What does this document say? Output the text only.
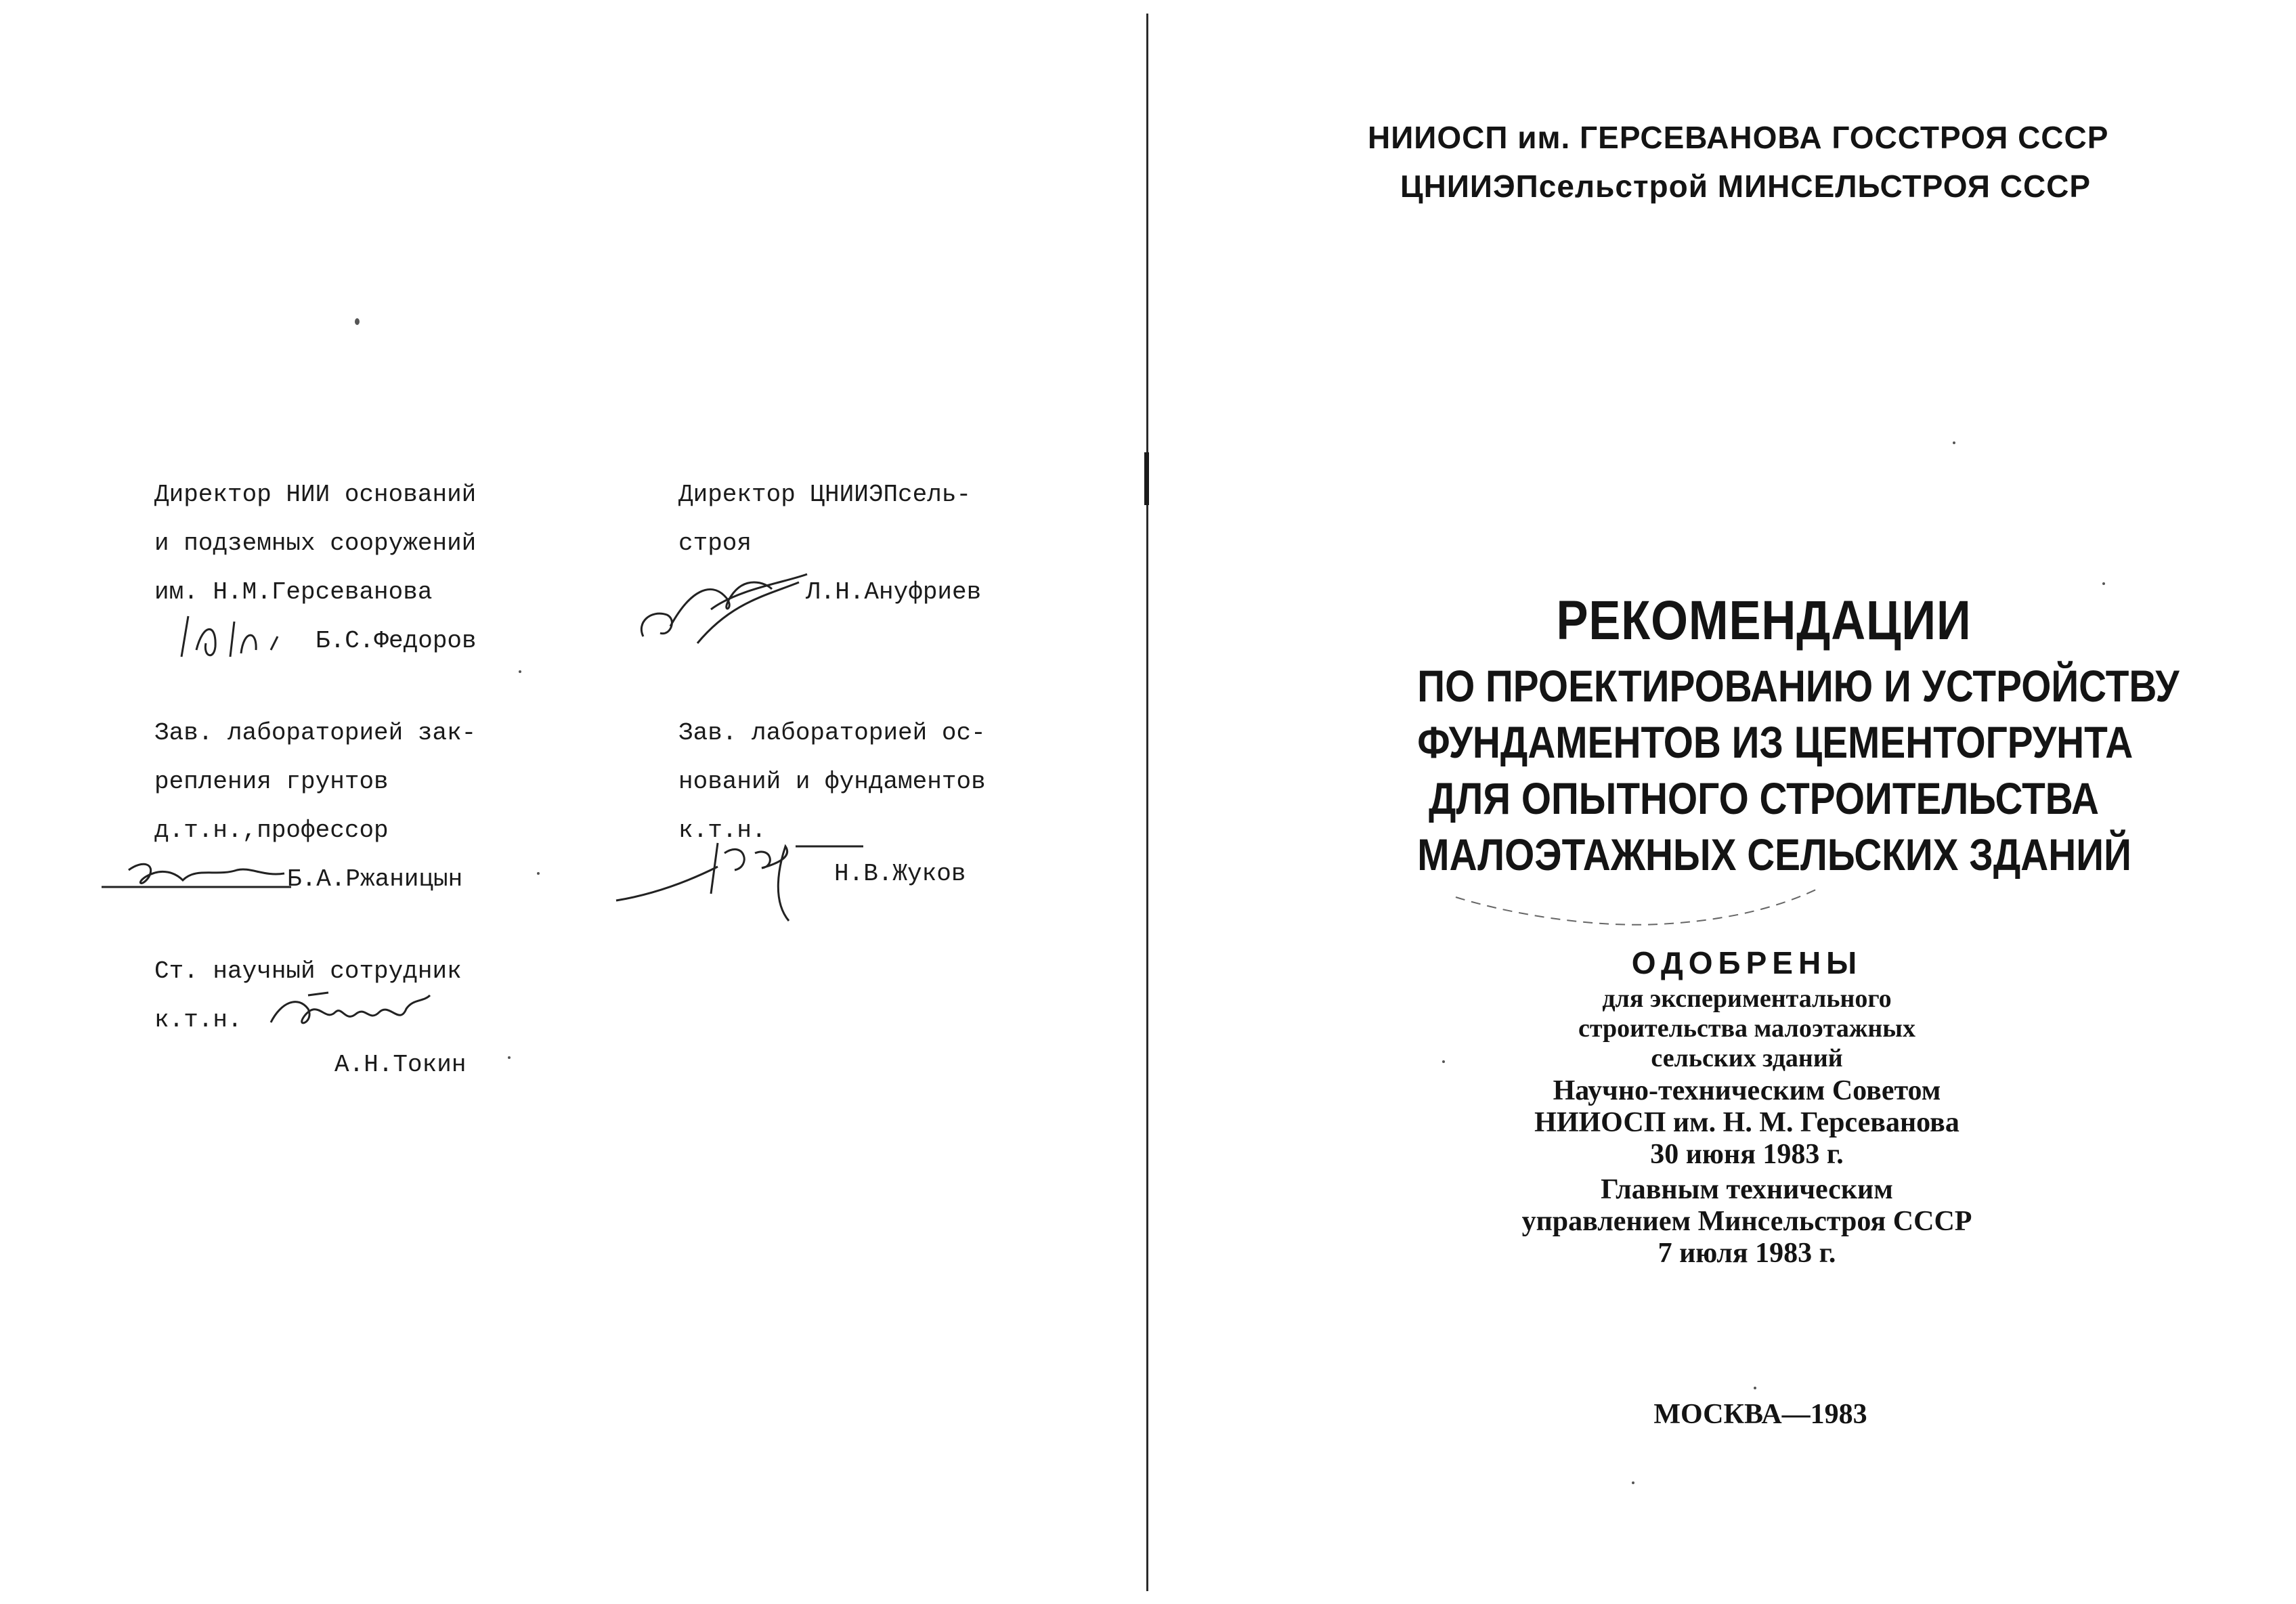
Директор НИИ оснований
и подземных сооружений
им. Н.М.Герсеванова
Б.С.Федоров
Директор ЦНИИЭПсель-
строя
Л.Н.Ануфриев
Зав. лабораторией зак-
репления грунтов
д.т.н.,профессор
Б.А.Ржаницын
Зав. лабораторией ос-
нований и фундаментов
к.т.н.
Н.В.Жуков
Ст. научный сотрудник
к.т.н.
А.Н.Токин
НИИОСП им. ГЕРСЕВАНОВА ГОССТРОЯ СССР
ЦНИИЭПсельстрой МИНСЕЛЬСТРОЯ СССР
РЕКОМЕНДАЦИИ
ПО ПРОЕКТИРОВАНИЮ И УСТРОЙСТВУ
ФУНДАМЕНТОВ ИЗ ЦЕМЕНТОГРУНТА
ДЛЯ ОПЫТНОГО СТРОИТЕЛЬСТВА
МАЛОЭТАЖНЫХ СЕЛЬСКИХ ЗДАНИЙ
ОДОБРЕНЫ
для экспериментального
строительства малоэтажных
сельских зданий
Научно-техническим Советом
НИИОСП им. Н. М. Герсеванова
30 июня 1983 г.
Главным техническим
управлением Минсельстроя СССР
7 июля 1983 г.
МОСКВА—1983
